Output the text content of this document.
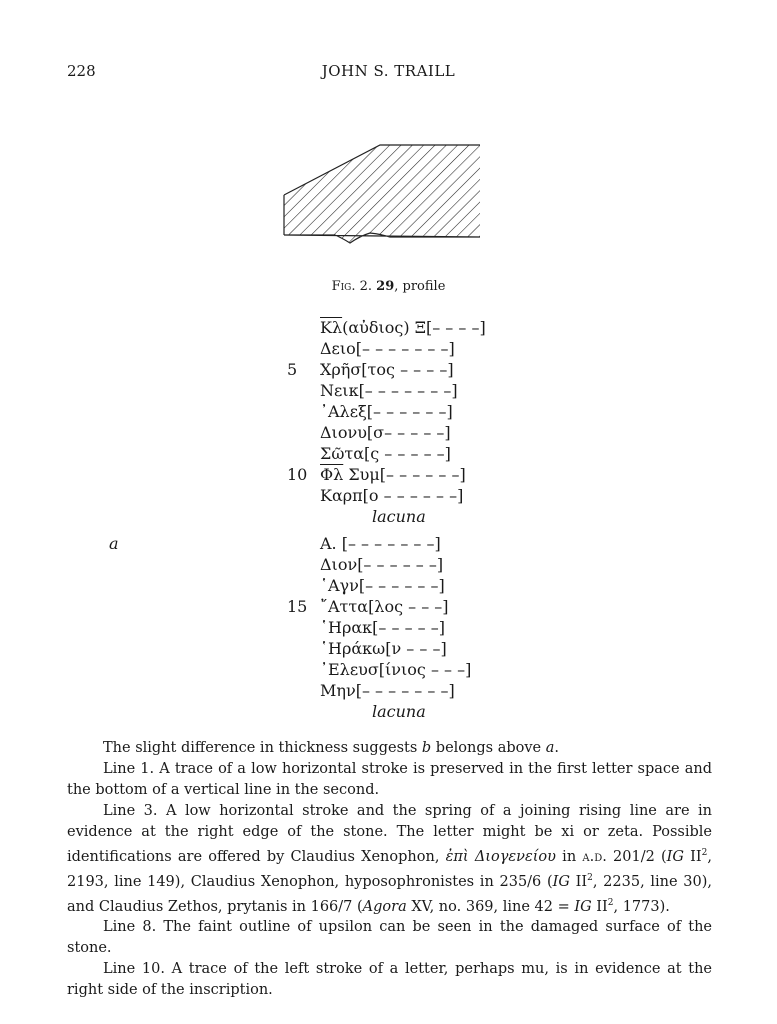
228	JOHN S. TRAILL
Fig. 2. 29, profile
$\overline{K\lambda}(\alpha ὐ\delta\iota o\varsigma)$ Ξ[– – – –]
Δειο[– – – – – – –]
5	Χρῆσ[τος – – – –]
Νεικ[– – – – – – –]
᾿Αλεξ[– – – – – –]
Διονυ[σ– – – – –]
Σῶτα[ς – – – – –]
10 $\overline{\Phi\lambda}$ Συμ[– – – – – –]
Καρπ[ο – – – – – –]
lacuna
a	Α. [– – – – – – –]
Διον[– – – – – –]
῾Αγν[– – – – – –]
15 ῎Αττα[λος – – –]
῾Ηρακ[– – – – –]
῾Ηράκω[ν – – –]
᾿Ελευσ[ίνιος – – –]
Μην[– – – – – – –]
lacuna

The slight difference in thickness suggests b belongs above a.

Line 1. A trace of a low horizontal stroke is preserved in the first letter space and the bottom of a vertical line in the second.

Line 3. A low horizontal stroke and the spring of a joining rising line are in evidence at the right edge of the stone. The letter might be xi or zeta. Possible identifications are offered by Claudius Xenophon, ἐπὶ Διογενείου in a.d. 201/2 (IG $II^2$, 2193, line 149), Claudius Xenophon, hyposophronistes in 235/6 (IG $II^2$, 2235, line 30), and Claudius Zethos, prytanis in 166/7 (Agora XV, no. 369, line 42 = IG $II^2$, 1773).

Line 8. The faint outline of upsilon can be seen in the damaged surface of the stone.

Line 10. A trace of the left stroke of a letter, perhaps mu, is in evidence at the right side of the inscription.
